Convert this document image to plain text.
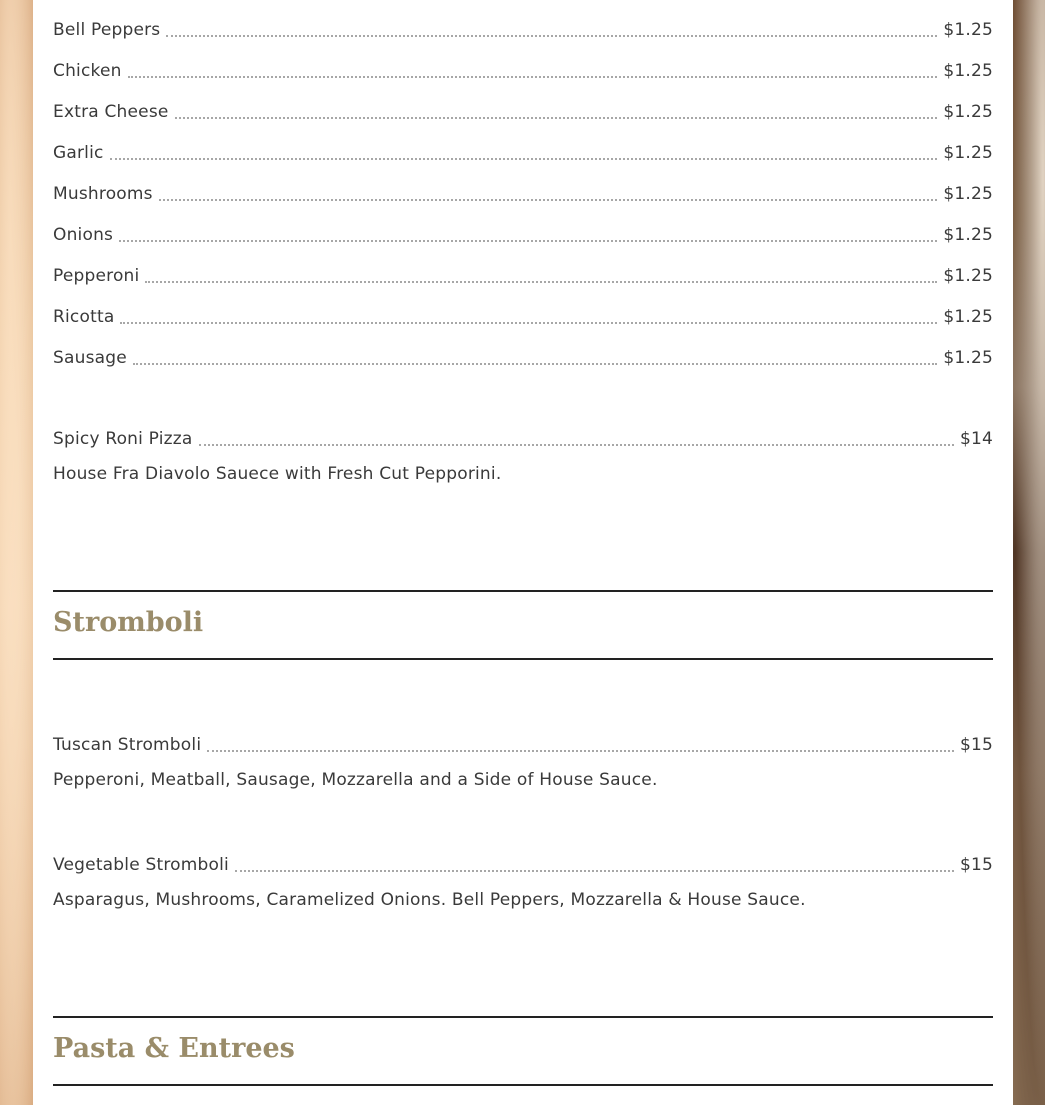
Bell Peppers	$1.25
Chicken	$1.25
Extra Cheese	$1.25
Garlic	$1.25
Mushrooms	$1.25
Onions	$1.25
Pepperoni	$1.25
Ricotta	$1.25
Sausage	$1.25
Spicy Roni Pizza	$14
House Fra Diavolo Sauece with Fresh Cut Pepporini.
Stromboli
Tuscan Stromboli	$15
Pepperoni, Meatball, Sausage, Mozzarella and a Side of House Sauce.
Vegetable Stromboli	$15
Asparagus, Mushrooms, Caramelized Onions. Bell Peppers, Mozzarella & House Sauce.
Pasta & Entrees
